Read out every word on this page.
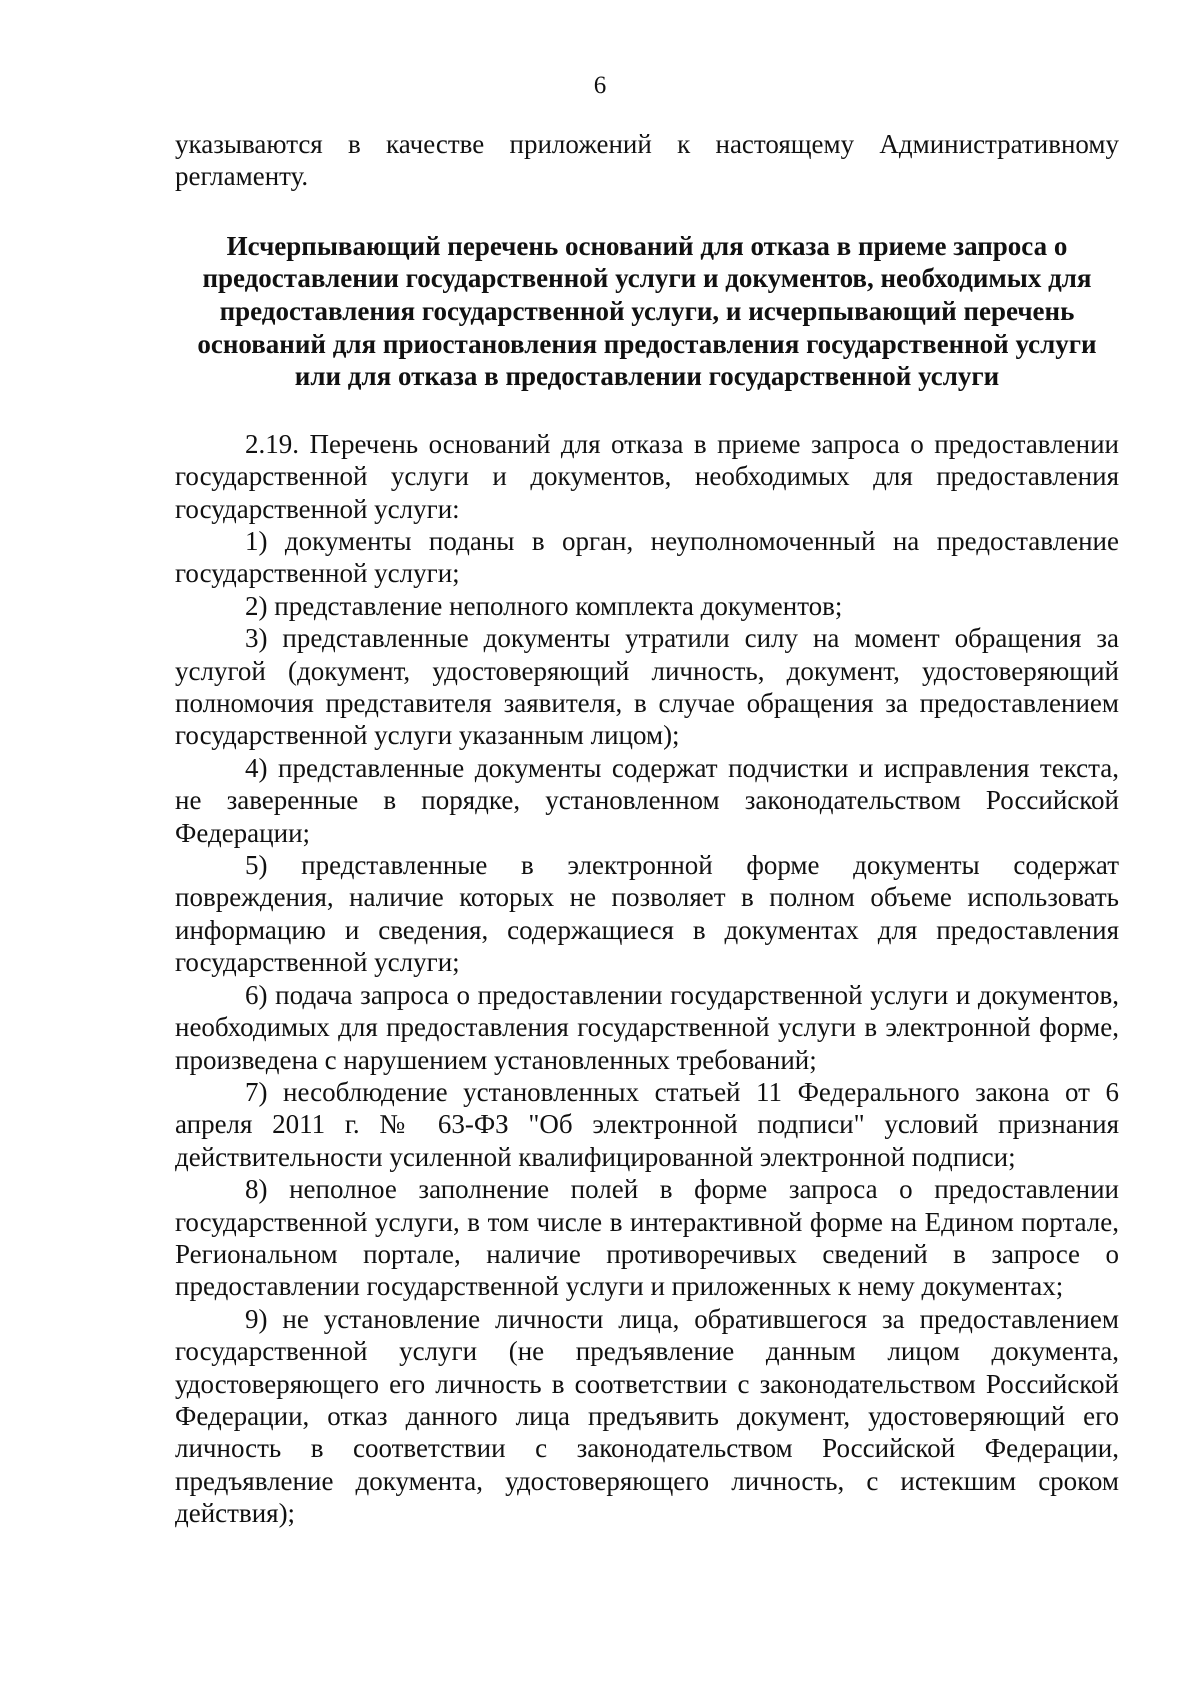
6

указываются в качестве приложений к настоящему Административному регламенту.

Исчерпывающий перечень оснований для отказа в приеме запроса о предоставлении государственной услуги и документов, необходимых для предоставления государственной услуги, и исчерпывающий перечень оснований для приостановления предоставления государственной услуги или для отказа в предоставлении государственной услуги

2.19. Перечень оснований для отказа в приеме запроса о предоставлении государственной услуги и документов, необходимых для предоставления государственной услуги:

1) документы поданы в орган, неуполномоченный на предоставление государственной услуги;

2) представление неполного комплекта документов;

3) представленные документы утратили силу на момент обращения за услугой (документ, удостоверяющий личность, документ, удостоверяющий полномочия представителя заявителя, в случае обращения за предоставлением государственной услуги указанным лицом);

4) представленные документы содержат подчистки и исправления текста, не заверенные в порядке, установленном законодательством Российской Федерации;

5) представленные в электронной форме документы содержат повреждения, наличие которых не позволяет в полном объеме использовать информацию и сведения, содержащиеся в документах для предоставления государственной услуги;

6) подача запроса о предоставлении государственной услуги и документов, необходимых для предоставления государственной услуги в электронной форме, произведена с нарушением установленных требований;

7) несоблюдение установленных статьей 11 Федерального закона от 6 апреля 2011 г. № 63-ФЗ "Об электронной подписи" условий признания действительности усиленной квалифицированной электронной подписи;

8) неполное заполнение полей в форме запроса о предоставлении государственной услуги, в том числе в интерактивной форме на Едином портале, Региональном портале, наличие противоречивых сведений в запросе о предоставлении государственной услуги и приложенных к нему документах;

9) не установление личности лица, обратившегося за предоставлением государственной услуги (не предъявление данным лицом документа, удостоверяющего его личность в соответствии с законодательством Российской Федерации, отказ данного лица предъявить документ, удостоверяющий его личность в соответствии с законодательством Российской Федерации, предъявление документа, удостоверяющего личность, с истекшим сроком действия);
